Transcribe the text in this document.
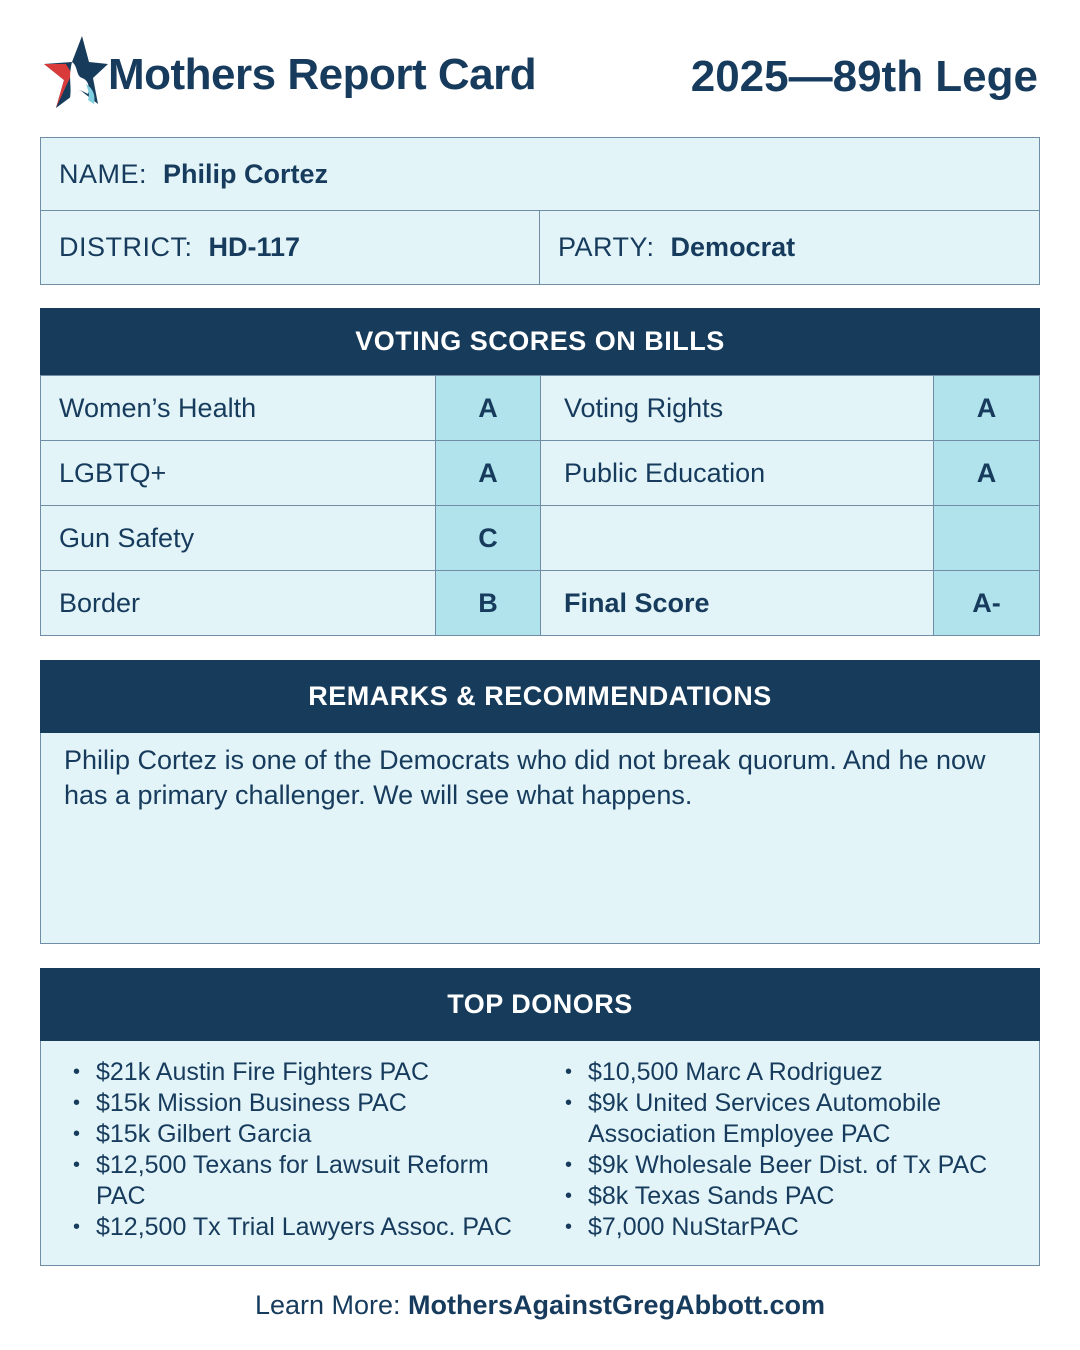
Mothers Report Card	2025—89th Lege
NAME: Philip Cortez
DISTRICT: HD-117	PARTY: Democrat
VOTING SCORES ON BILLS
Women’s Health	A	Voting Rights	A
LGBTQ+	A	Public Education	A
Gun Safety	C
Border	B	Final Score	A-
REMARKS & RECOMMENDATIONS
Philip Cortez is one of the Democrats who did not break quorum. And he now has a primary challenger. We will see what happens.
TOP DONORS
• $21k Austin Fire Fighters PAC
• $15k Mission Business PAC
• $15k Gilbert Garcia
• $12,500 Texans for Lawsuit Reform PAC
• $12,500 Tx Trial Lawyers Assoc. PAC
• $10,500 Marc A Rodriguez
• $9k United Services Automobile Association Employee PAC
• $9k Wholesale Beer Dist. of Tx PAC
• $8k Texas Sands PAC
• $7,000 NuStarPAC
Learn More: MothersAgainstGregAbbott.com
